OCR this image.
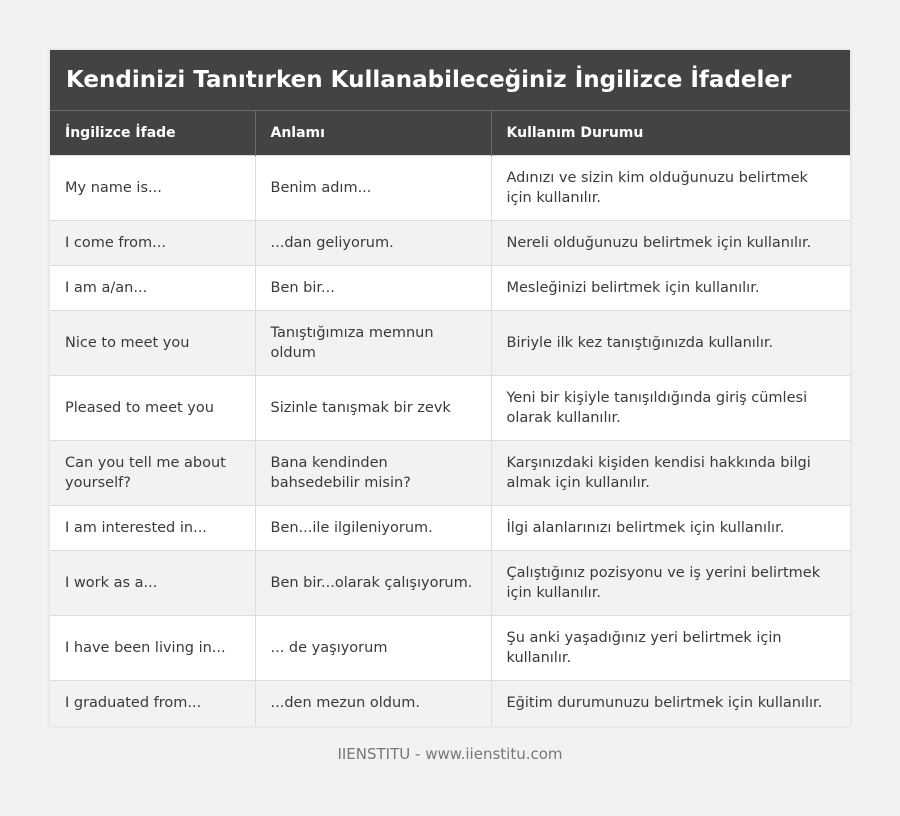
Kendinizi Tanıtırken Kullanabileceğiniz İngilizce İfadeler
İngilizce İfade	Anlamı	Kullanım Durumu
My name is...	Benim adım...	Adınızı ve sizin kim olduğunuzu belirtmek için kullanılır.
I come from...	...dan geliyorum.	Nereli olduğunuzu belirtmek için kullanılır.
I am a/an...	Ben bir...	Mesleğinizi belirtmek için kullanılır.
Nice to meet you	Tanıştığımıza memnun oldum	Biriyle ilk kez tanıştığınızda kullanılır.
Pleased to meet you	Sizinle tanışmak bir zevk	Yeni bir kişiyle tanışıldığında giriş cümlesi olarak kullanılır.
Can you tell me about yourself?	Bana kendinden bahsedebilir misin?	Karşınızdaki kişiden kendisi hakkında bilgi almak için kullanılır.
I am interested in...	Ben...ile ilgileniyorum.	İlgi alanlarınızı belirtmek için kullanılır.
I work as a...	Ben bir...olarak çalışıyorum.	Çalıştığınız pozisyonu ve iş yerini belirtmek için kullanılır.
I have been living in...	... de yaşıyorum	Şu anki yaşadığınız yeri belirtmek için kullanılır.
I graduated from...	...den mezun oldum.	Eğitim durumunuzu belirtmek için kullanılır.
IIENSTITU - www.iienstitu.com
